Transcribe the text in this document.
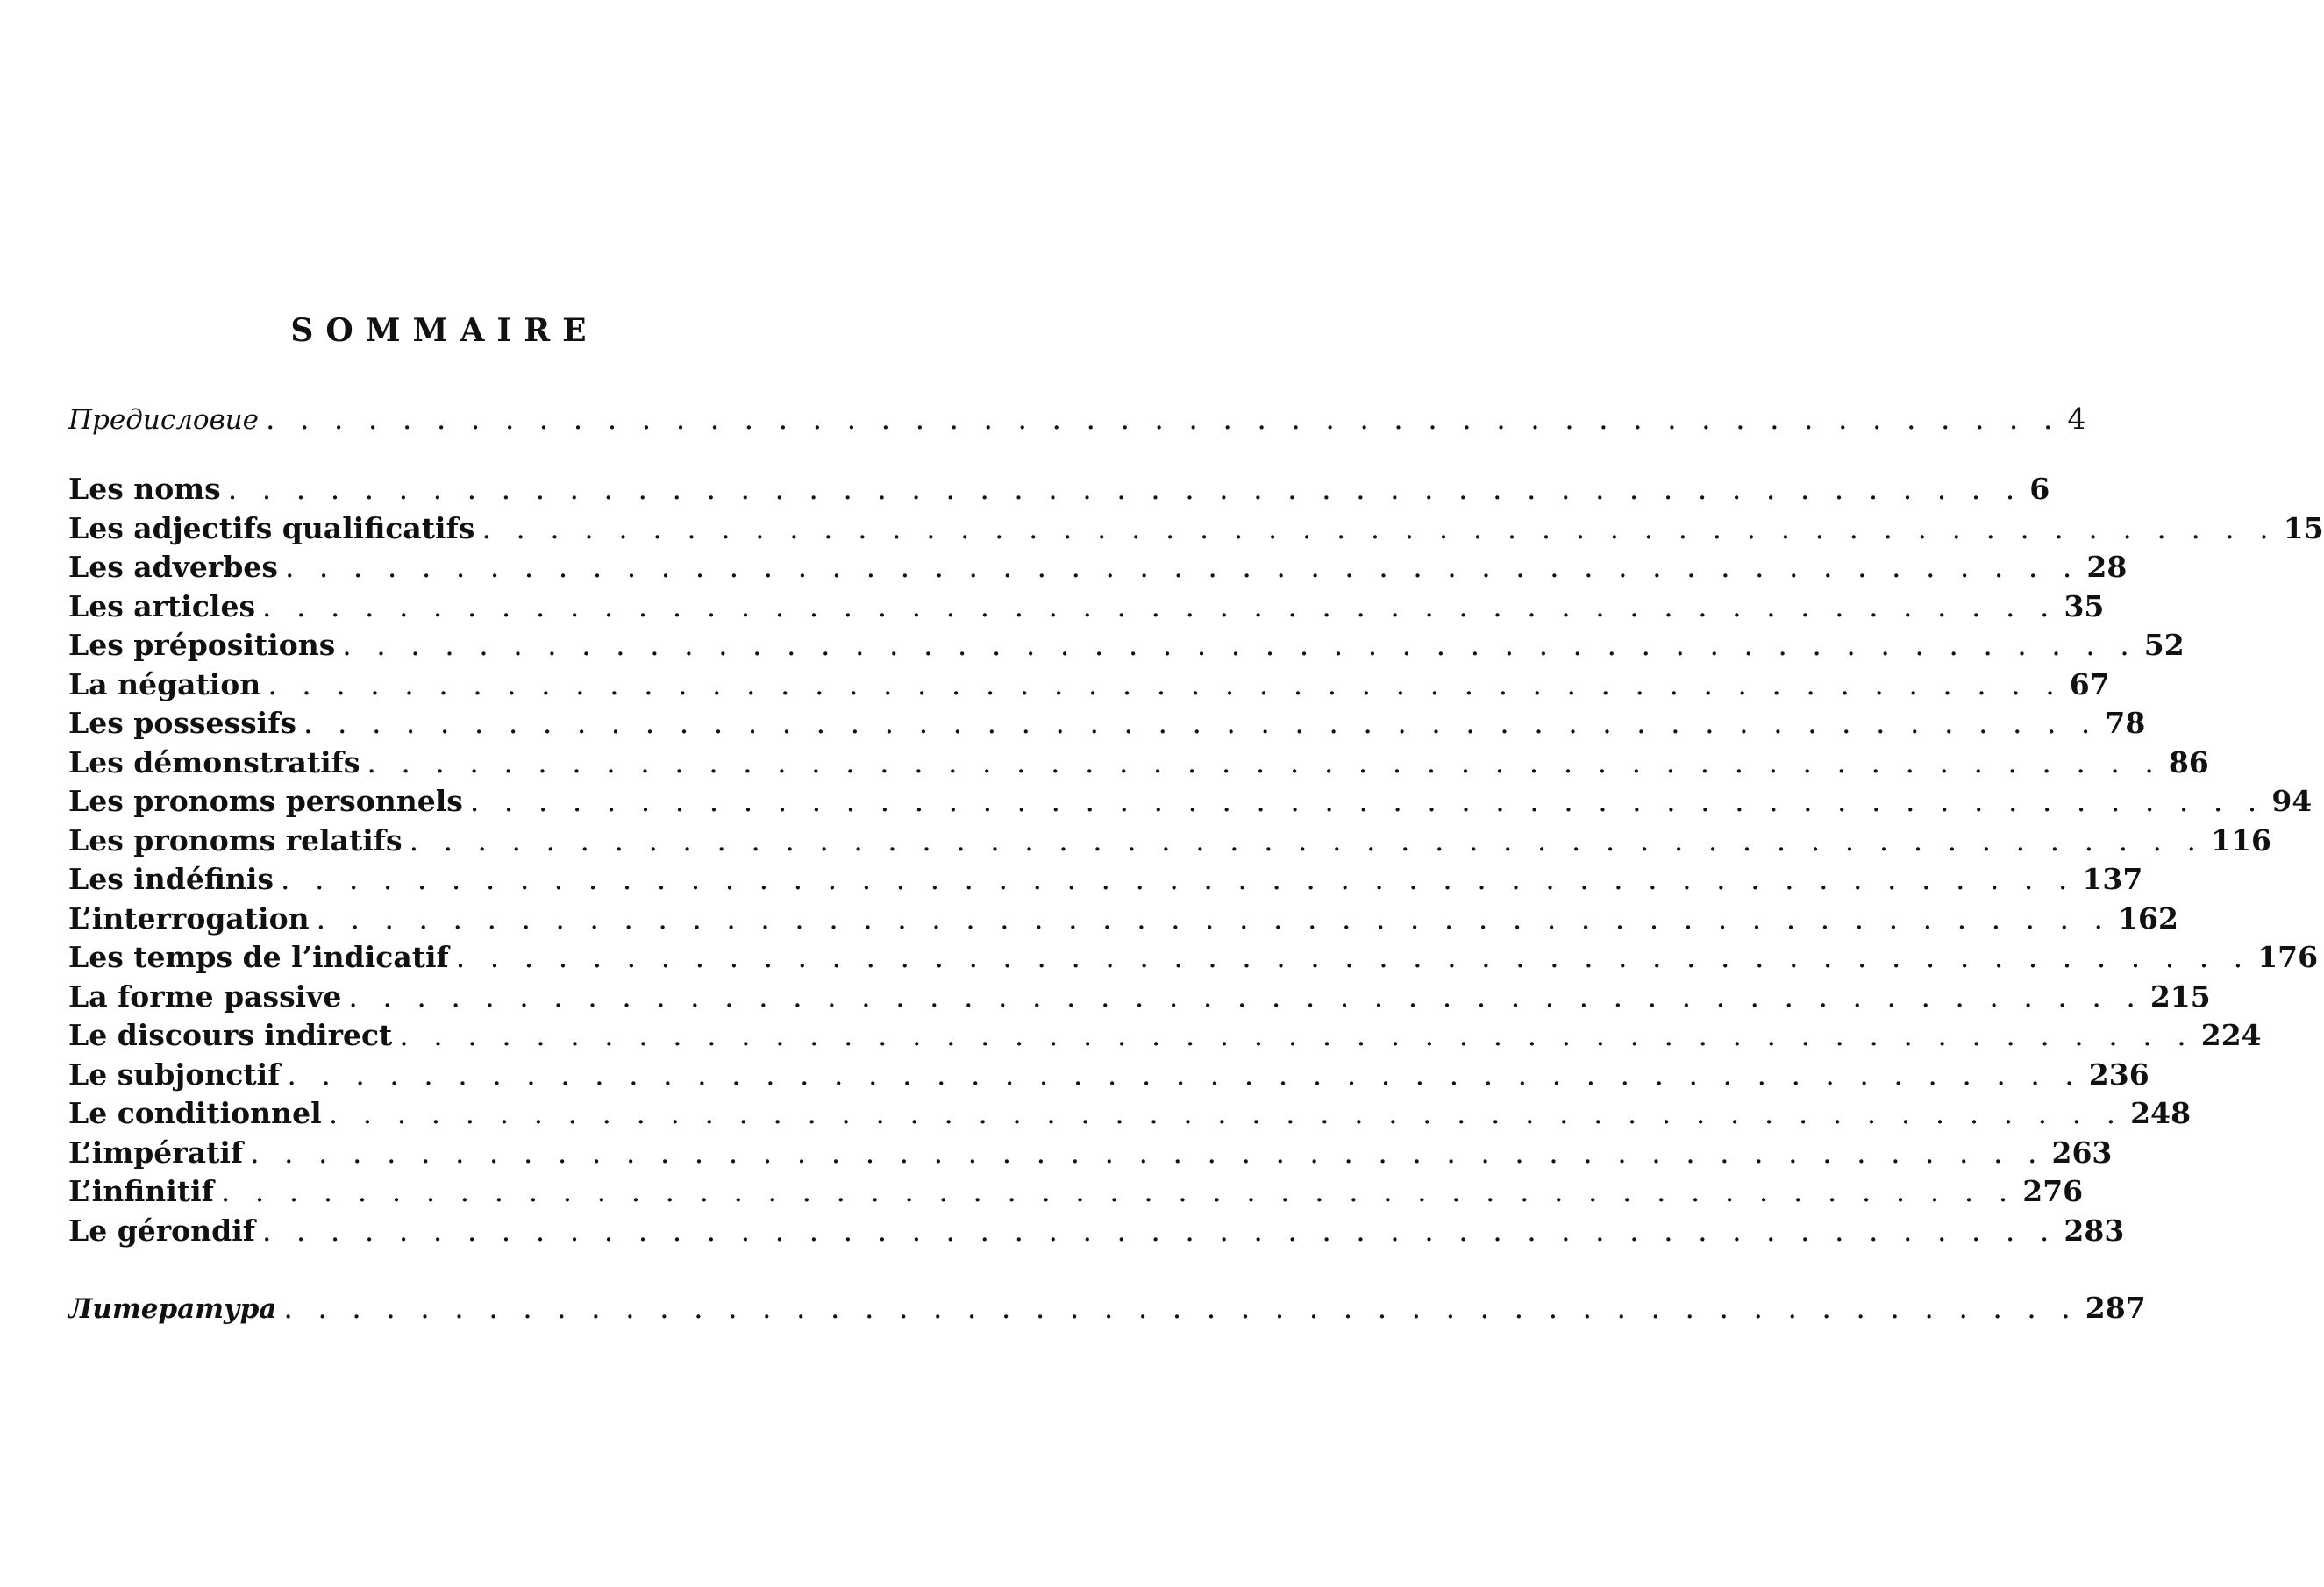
SOMMAIRE
Предисловие . . . . . . . . . . . . . . . . . . . . . . . . . . . . . . . . . . . . . . . . . . . . . . . . . . . . . 4
Les noms . . . . . . . . . . . . . . . . . . . . . . . . . . . . . . . . . . . . . . . . . . . . . . . . . . . . . 6
Les adjectifs qualificatifs . . . . . . . . . . . . . . . . . . . . . . . . . . . . . . . . . . . . . . . . . . . . . . . . . . . . . 15
Les adverbes . . . . . . . . . . . . . . . . . . . . . . . . . . . . . . . . . . . . . . . . . . . . . . . . . . . . . 28
Les articles . . . . . . . . . . . . . . . . . . . . . . . . . . . . . . . . . . . . . . . . . . . . . . . . . . . . . 35
Les prépositions . . . . . . . . . . . . . . . . . . . . . . . . . . . . . . . . . . . . . . . . . . . . . . . . . . . . . 52
La négation . . . . . . . . . . . . . . . . . . . . . . . . . . . . . . . . . . . . . . . . . . . . . . . . . . . . . 67
Les possessifs . . . . . . . . . . . . . . . . . . . . . . . . . . . . . . . . . . . . . . . . . . . . . . . . . . . . . 78
Les démonstratifs . . . . . . . . . . . . . . . . . . . . . . . . . . . . . . . . . . . . . . . . . . . . . . . . . . . . . 86
Les pronoms personnels . . . . . . . . . . . . . . . . . . . . . . . . . . . . . . . . . . . . . . . . . . . . . . . . . . . . . 94
Les pronoms relatifs . . . . . . . . . . . . . . . . . . . . . . . . . . . . . . . . . . . . . . . . . . . . . . . . . . . . . 116
Les indéfinis . . . . . . . . . . . . . . . . . . . . . . . . . . . . . . . . . . . . . . . . . . . . . . . . . . . . . 137
L’interrogation . . . . . . . . . . . . . . . . . . . . . . . . . . . . . . . . . . . . . . . . . . . . . . . . . . . . . 162
Les temps de l’indicatif . . . . . . . . . . . . . . . . . . . . . . . . . . . . . . . . . . . . . . . . . . . . . . . . . . . . . 176
La forme passive . . . . . . . . . . . . . . . . . . . . . . . . . . . . . . . . . . . . . . . . . . . . . . . . . . . . . 215
Le discours indirect . . . . . . . . . . . . . . . . . . . . . . . . . . . . . . . . . . . . . . . . . . . . . . . . . . . . . 224
Le subjonctif . . . . . . . . . . . . . . . . . . . . . . . . . . . . . . . . . . . . . . . . . . . . . . . . . . . . . 236
Le conditionnel . . . . . . . . . . . . . . . . . . . . . . . . . . . . . . . . . . . . . . . . . . . . . . . . . . . . . 248
L’impératif . . . . . . . . . . . . . . . . . . . . . . . . . . . . . . . . . . . . . . . . . . . . . . . . . . . . . 263
L’infinitif . . . . . . . . . . . . . . . . . . . . . . . . . . . . . . . . . . . . . . . . . . . . . . . . . . . . . 276
Le gérondif . . . . . . . . . . . . . . . . . . . . . . . . . . . . . . . . . . . . . . . . . . . . . . . . . . . . . 283
Литература . . . . . . . . . . . . . . . . . . . . . . . . . . . . . . . . . . . . . . . . . . . . . . . . . . . . . 287
